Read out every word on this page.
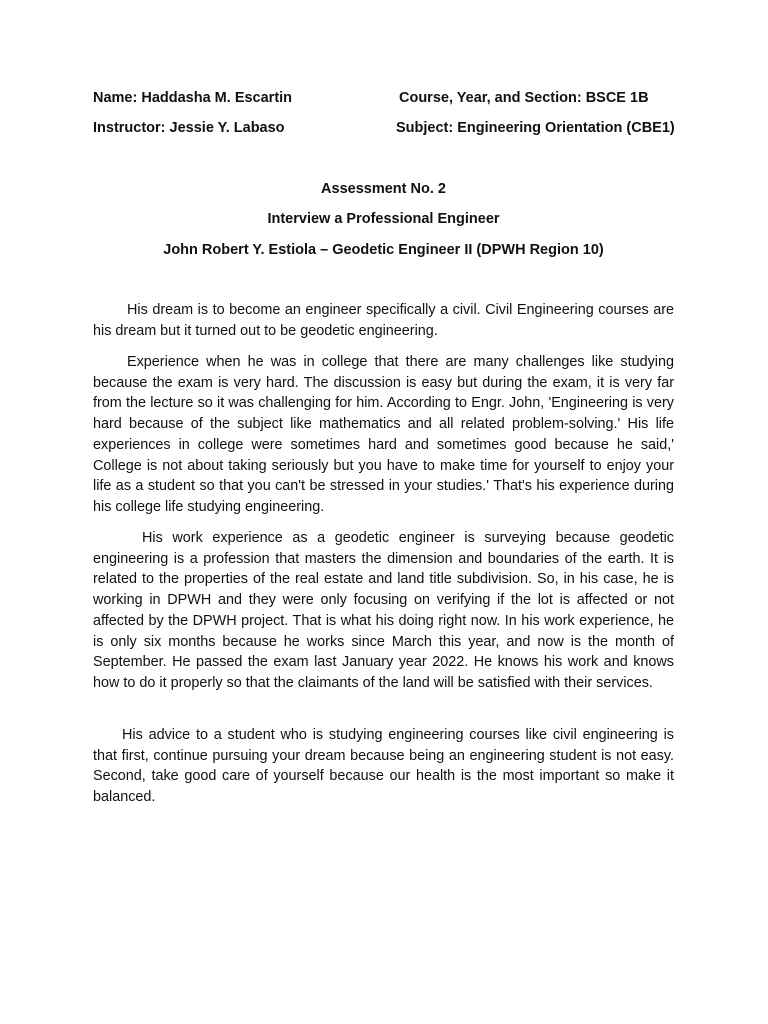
Name: Haddasha M. Escartin	Course, Year, and Section: BSCE 1B
Instructor: Jessie Y. Labaso	Subject: Engineering Orientation (CBE1)
Assessment No. 2
Interview a Professional Engineer
John Robert Y. Estiola – Geodetic Engineer II (DPWH Region 10)

His dream is to become an engineer specifically a civil. Civil Engineering courses are his dream but it turned out to be geodetic engineering.

Experience when he was in college that there are many challenges like studying because the exam is very hard. The discussion is easy but during the exam, it is very far from the lecture so it was challenging for him. According to Engr. John, 'Engineering is very hard because of the subject like mathematics and all related problem-solving.' His life experiences in college were sometimes hard and sometimes good because he said,' College is not about taking seriously but you have to make time for yourself to enjoy your life as a student so that you can't be stressed in your studies.' That's his experience during his college life studying engineering.

His work experience as a geodetic engineer is surveying because geodetic engineering is a profession that masters the dimension and boundaries of the earth. It is related to the properties of the real estate and land title subdivision. So, in his case, he is working in DPWH and they were only focusing on verifying if the lot is affected or not affected by the DPWH project. That is what his doing right now. In his work experience, he is only six months because he works since March this year, and now is the month of September. He passed the exam last January year 2022. He knows his work and knows how to do it properly so that the claimants of the land will be satisfied with their services.

His advice to a student who is studying engineering courses like civil engineering is that first, continue pursuing your dream because being an engineering student is not easy. Second, take good care of yourself because our health is the most important so make it balanced.
